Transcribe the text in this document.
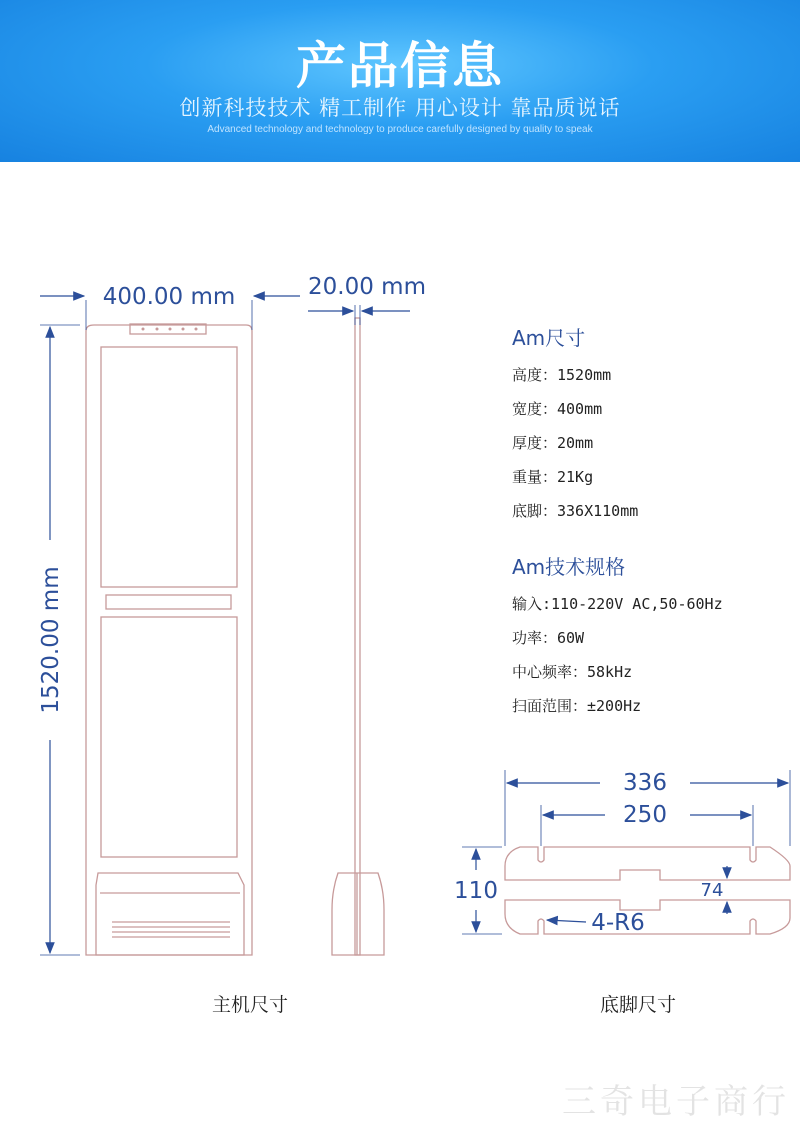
产品信息
创新科技技术 精工制作 用心设计 靠品质说话
Advanced technology and technology to produce carefully designed by quality to speak
400.00 mm	20.00 mm
1520.00 mm
336
250
110	74
4-R6
Am尺寸
高度：1520mm
宽度：400mm
厚度：20mm
重量：21Kg
底脚：336X110mm
Am技术规格
输入:110-220V AC,50-60Hz
功率：60W
中心频率：58kHz
扫面范围：±200Hz
主机尺寸	底脚尺寸
三奇电子商行
